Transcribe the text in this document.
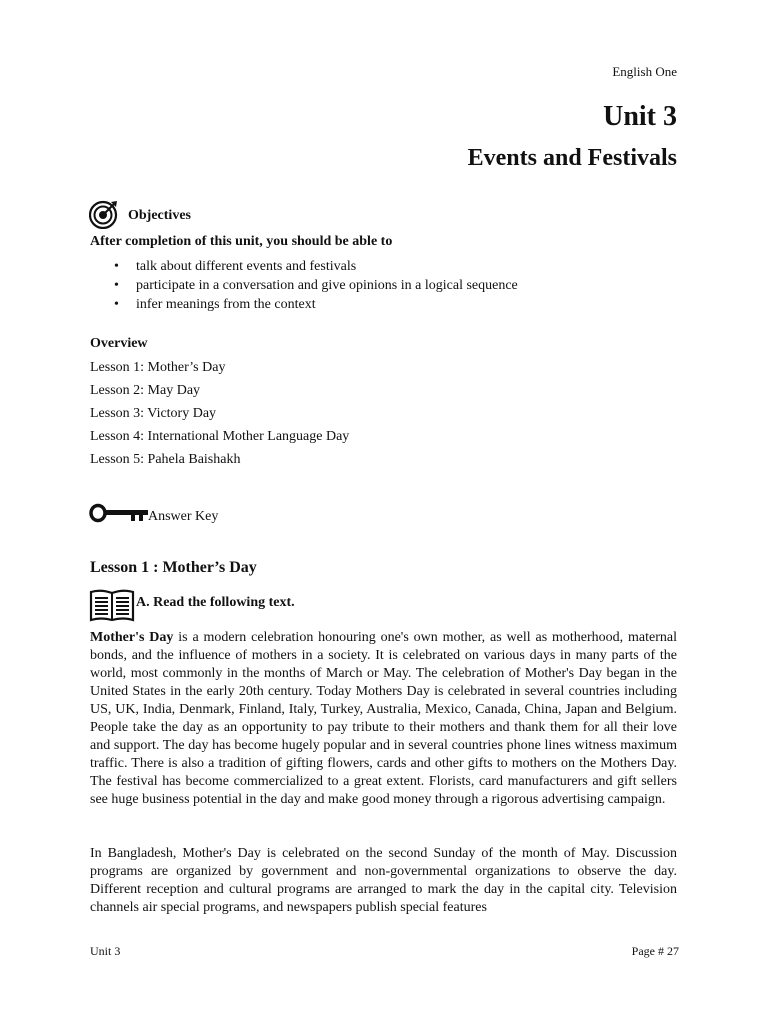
English One
Unit 3
Events and Festivals
Objectives
After completion of this unit, you should be able to
• talk about different events and festivals
• participate in a conversation and give opinions in a logical sequence
• infer meanings from the context
Overview
Lesson 1: Mother’s Day
Lesson 2: May Day
Lesson 3: Victory Day
Lesson 4: International Mother Language Day
Lesson 5: Pahela Baishakh
Answer Key
Lesson 1 : Mother’s Day
A. Read the following text.

Mother's Day is a modern celebration honouring one's own mother, as well as motherhood, maternal bonds, and the influence of mothers in a society. It is celebrated on various days in many parts of the world, most commonly in the months of March or May. The celebration of Mother's Day began in the United States in the early 20th century. Today Mothers Day is celebrated in several countries including US, UK, India, Denmark, Finland, Italy, Turkey, Australia, Mexico, Canada, China, Japan and Belgium. People take the day as an opportunity to pay tribute to their mothers and thank them for all their love and support. The day has become hugely popular and in several countries phone lines witness maximum traffic. There is also a tradition of gifting flowers, cards and other gifts to mothers on the Mothers Day. The festival has become commercialized to a great extent. Florists, card manufacturers and gift sellers see huge business potential in the day and make good money through a rigorous advertising campaign.

In Bangladesh, Mother's Day is celebrated on the second Sunday of the month of May. Discussion programs are organized by government and non-governmental organizations to observe the day. Different reception and cultural programs are arranged to mark the day in the capital city. Television channels air special programs, and newspapers publish special features

Unit 3	Page # 27
